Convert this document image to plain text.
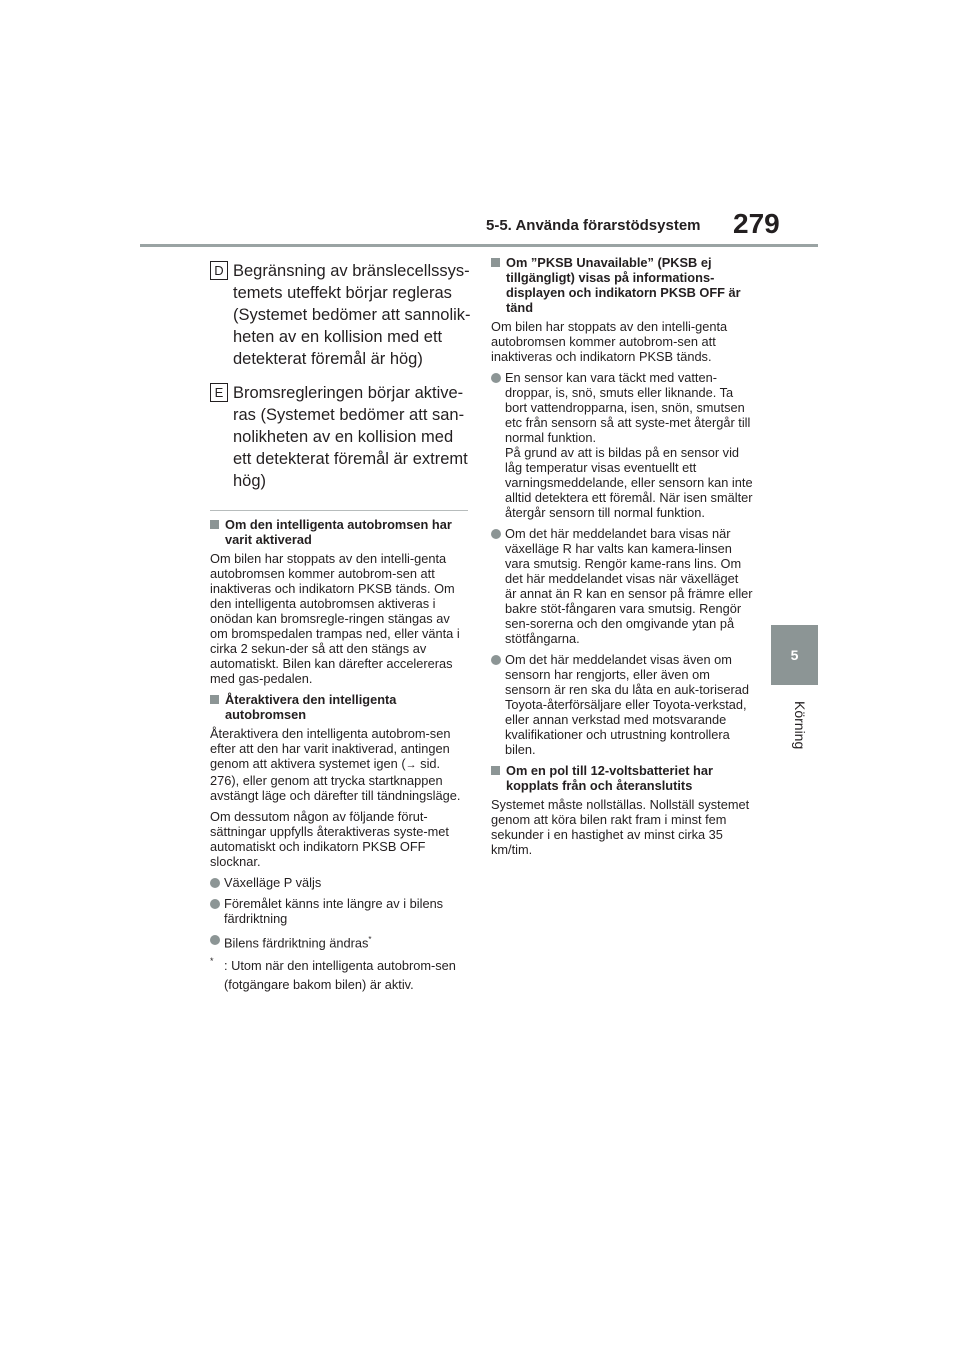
5-5. Använda förarstödsystem 279
5
Körning
D Begränsning av bränslecellssys-temets uteffekt börjar regleras (Systemet bedömer att sannolik-heten av en kollision med ett detekterat föremål är hög)
E Bromsregleringen börjar aktive-ras (Systemet bedömer att san-nolikheten av en kollision med ett detekterat föremål är extremt hög)
Om den intelligenta autobromsen har varit aktiverad

Om bilen har stoppats av den intelli-genta autobromsen kommer autobrom-sen att inaktiveras och indikatorn PKSB tänds. Om den intelligenta autobromsen aktiveras i onödan kan bromsregle-ringen stängas av om bromspedalen trampas ned, eller vänta i cirka 2 sekun-der så att den stängs av automatiskt. Bilen kan därefter accelereras med gas-pedalen.

Återaktivera den intelligenta autobromsen

Återaktivera den intelligenta autobrom-sen efter att den har varit inaktiverad, antingen genom att aktivera systemet igen (→ sid. 276), eller genom att trycka startknappen avstängt läge och därefter till tändningsläge.

Om dessutom någon av följande förut-sättningar uppfylls återaktiveras syste-met automatiskt och indikatorn PKSB OFF slocknar.

Växelläge P väljs
Föremålet känns inte längre av i bilens färdriktning
Bilens färdriktning ändras*
* : Utom när den intelligenta autobrom-sen (fotgängare bakom bilen) är aktiv.
Om ”PKSB Unavailable” (PKSB ej tillgängligt) visas på informations-displayen och indikatorn PKSB OFF är tänd

Om bilen har stoppats av den intelli-genta autobromsen kommer autobrom-sen att inaktiveras och indikatorn PKSB tänds.

En sensor kan vara täckt med vatten-droppar, is, snö, smuts eller liknande. Ta bort vattendropparna, isen, snön, smutsen etc från sensorn så att syste-met återgår till normal funktion.
På grund av att is bildas på en sensor vid låg temperatur visas eventuellt ett varningsmeddelande, eller sensorn kan inte alltid detektera ett föremål. När isen smälter återgår sensorn till normal funktion.
Om det här meddelandet bara visas när växelläge R har valts kan kamera-linsen vara smutsig. Rengör kame-rans lins. Om det här meddelandet visas när växelläget är annat än R kan en sensor på främre eller bakre stöt-fångaren vara smutsig. Rengör sen-sorerna och den omgivande ytan på stötfångarna.
Om det här meddelandet visas även om sensorn har rengjorts, eller även om sensorn är ren ska du låta en auk-toriserad Toyota-återförsäljare eller Toyota-verkstad, eller annan verkstad med motsvarande kvalifikationer och utrustning kontrollera bilen.
Om en pol till 12-voltsbatteriet har kopplats från och återanslutits

Systemet måste nollställas. Nollställ systemet genom att köra bilen rakt fram i minst fem sekunder i en hastighet av minst cirka 35 km/tim.
